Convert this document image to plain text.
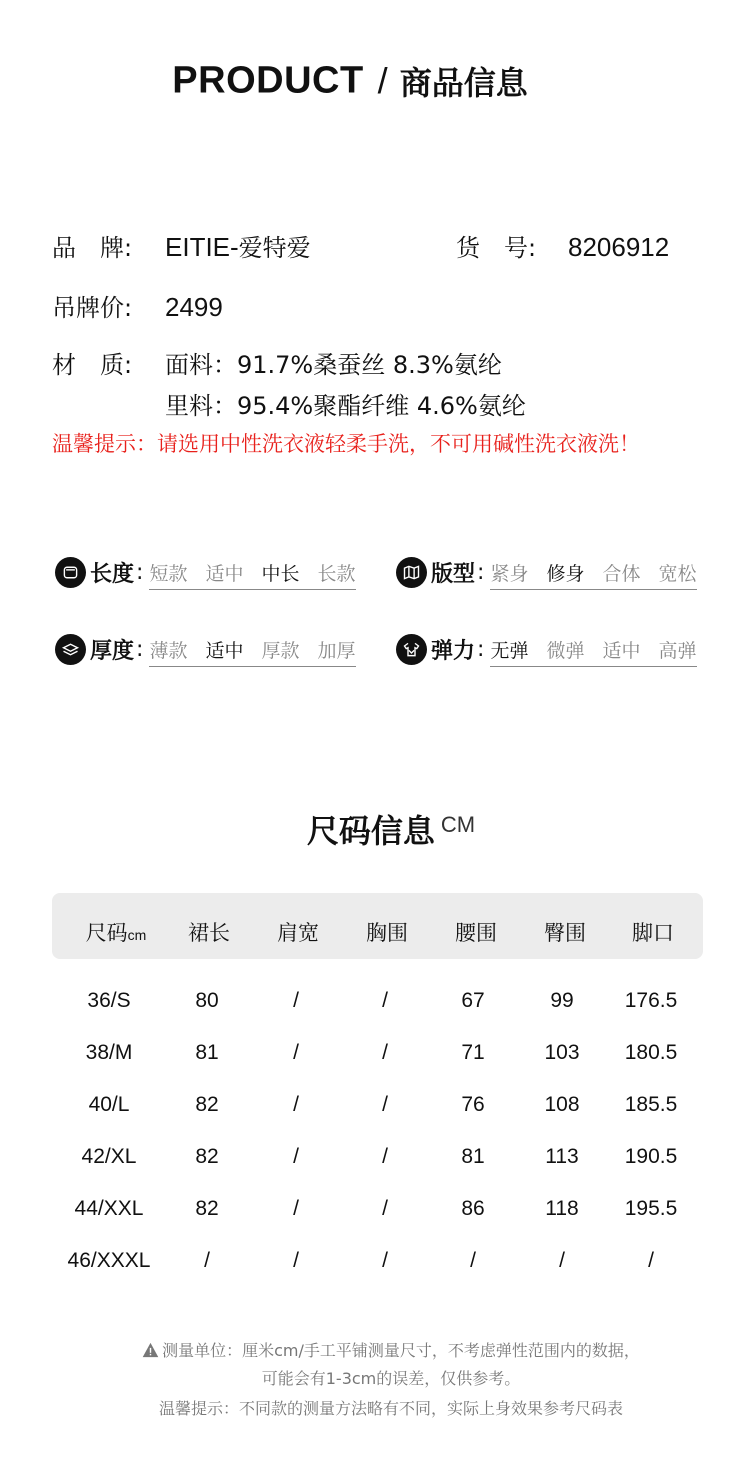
PRODUCT / 商品信息
品　牌: EITIE-爱特爱	货　号: 8206912
吊牌价: 2499
材　质: 面料：91.7%桑蚕丝 8.3%氨纶
里料：95.4%聚酯纤维 4.6%氨纶
温馨提示：请选用中性洗衣液轻柔手洗，不可用碱性洗衣液洗！
长度 : 短款 适中 中长 长款	版型 : 紧身 修身 合体 宽松
厚度 : 薄款 适中 厚款 加厚	弹力 : 无弹 微弹 适中 高弹
尺码信息 CM
尺码cm	裙长	肩宽	胸围	腰围	臀围	脚口
36/S	80	/	/	67	99	176.5
38/M	81	/	/	71	103	180.5
40/L	82	/	/	76	108	185.5
42/XL	82	/	/	81	113	190.5
44/XXL	82	/	/	86	118	195.5
46/XXXL	/	/	/	/	/	/
测量单位：厘米cm/手工平铺测量尺寸，不考虑弹性范围内的数据，
可能会有1-3cm的误差，仅供参考。
温馨提示：不同款的测量方法略有不同，实际上身效果参考尺码表
